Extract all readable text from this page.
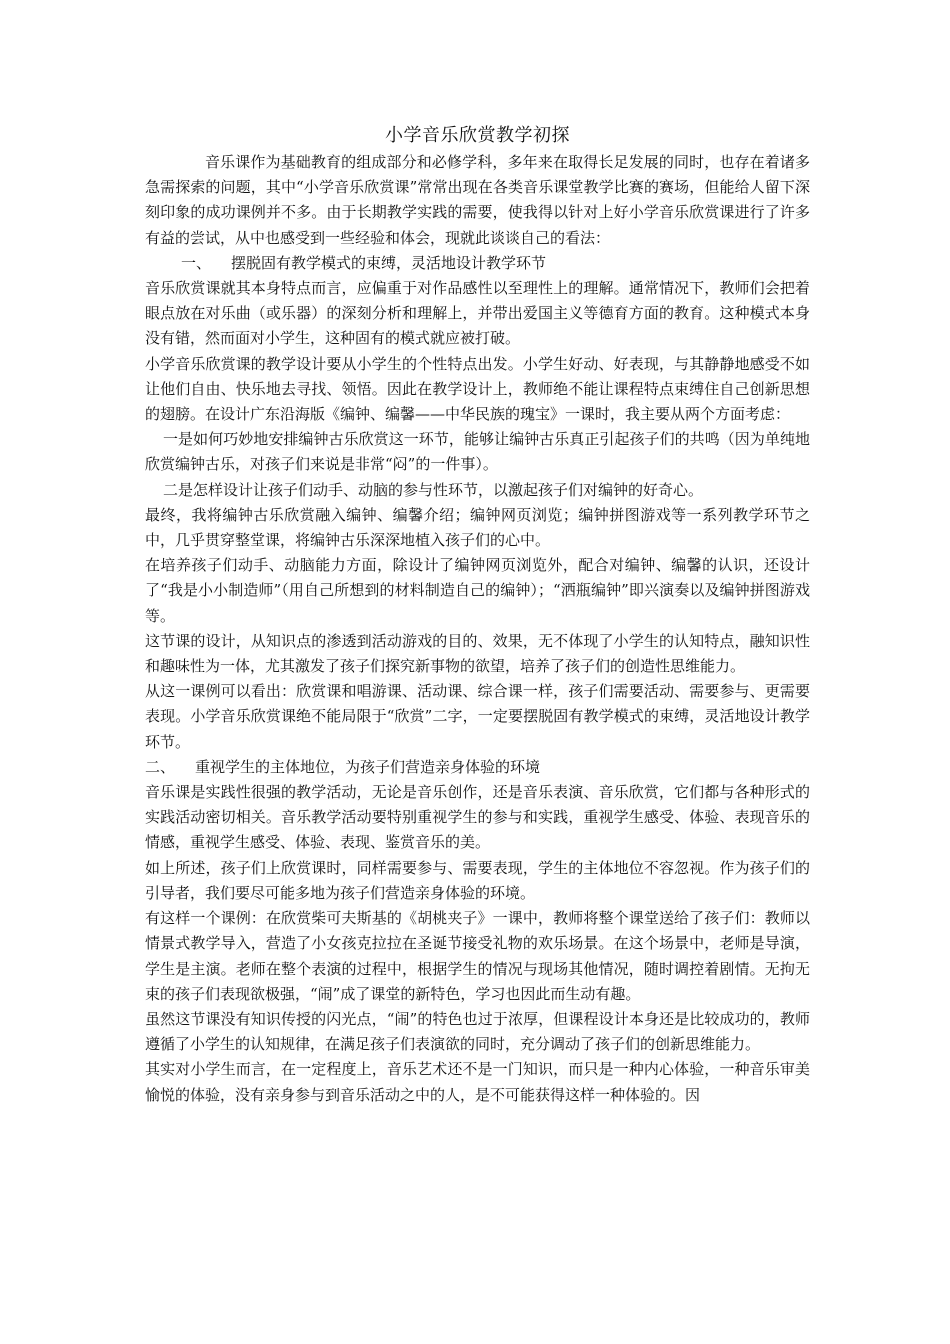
小学音乐欣赏教学初探

音乐课作为基础教育的组成部分和必修学科，多年来在取得长足发展的同时，也存在着诸多急需探索的问题，其中“小学音乐欣赏课”常常出现在各类音乐课堂教学比赛的赛场，但能给人留下深刻印象的成功课例并不多。由于长期教学实践的需要，使我得以针对上好小学音乐欣赏课进行了许多有益的尝试，从中也感受到一些经验和体会，现就此谈谈自己的看法：

一、 摆脱固有教学模式的束缚，灵活地设计教学环节

音乐欣赏课就其本身特点而言，应偏重于对作品感性以至理性上的理解。通常情况下，教师们会把着眼点放在对乐曲（或乐器）的深刻分析和理解上，并带出爱国主义等德育方面的教育。这种模式本身没有错，然而面对小学生，这种固有的模式就应被打破。

小学音乐欣赏课的教学设计要从小学生的个性特点出发。小学生好动、好表现，与其静静地感受不如让他们自由、快乐地去寻找、领悟。因此在教学设计上，教师绝不能让课程特点束缚住自己创新思想的翅膀。在设计广东沿海版《编钟、编馨——中华民族的瑰宝》一课时，我主要从两个方面考虑：

一是如何巧妙地安排编钟古乐欣赏这一环节，能够让编钟古乐真正引起孩子们的共鸣（因为单纯地欣赏编钟古乐，对孩子们来说是非常“闷”的一件事）。

二是怎样设计让孩子们动手、动脑的参与性环节，以激起孩子们对编钟的好奇心。

最终，我将编钟古乐欣赏融入编钟、编馨介绍；编钟网页浏览；编钟拼图游戏等一系列教学环节之中，几乎贯穿整堂课，将编钟古乐深深地植入孩子们的心中。

在培养孩子们动手、动脑能力方面，除设计了编钟网页浏览外，配合对编钟、编馨的认识，还设计了“我是小小制造师”（用自己所想到的材料制造自己的编钟）；“洒瓶编钟”即兴演奏以及编钟拼图游戏等。

这节课的设计，从知识点的渗透到活动游戏的目的、效果，无不体现了小学生的认知特点，融知识性和趣味性为一体，尤其激发了孩子们探究新事物的欲望，培养了孩子们的创造性思维能力。

从这一课例可以看出：欣赏课和唱游课、活动课、综合课一样，孩子们需要活动、需要参与、更需要表现。小学音乐欣赏课绝不能局限于“欣赏”二字，一定要摆脱固有教学模式的束缚，灵活地设计教学环节。

二、 重视学生的主体地位，为孩子们营造亲身体验的环境

音乐课是实践性很强的教学活动，无论是音乐创作，还是音乐表演、音乐欣赏，它们都与各种形式的实践活动密切相关。音乐教学活动要特别重视学生的参与和实践，重视学生感受、体验、表现音乐的情感，重视学生感受、体验、表现、鉴赏音乐的美。

如上所述，孩子们上欣赏课时，同样需要参与、需要表现，学生的主体地位不容忽视。作为孩子们的引导者，我们要尽可能多地为孩子们营造亲身体验的环境。

有这样一个课例：在欣赏柴可夫斯基的《胡桃夹子》一课中，教师将整个课堂送给了孩子们：教师以情景式教学导入，营造了小女孩克拉拉在圣诞节接受礼物的欢乐场景。在这个场景中，老师是导演，学生是主演。老师在整个表演的过程中，根据学生的情况与现场其他情况，随时调控着剧情。无拘无束的孩子们表现欲极强，“闹”成了课堂的新特色，学习也因此而生动有趣。

虽然这节课没有知识传授的闪光点，“闹”的特色也过于浓厚，但课程设计本身还是比较成功的，教师遵循了小学生的认知规律，在满足孩子们表演欲的同时，充分调动了孩子们的创新思维能力。

其实对小学生而言，在一定程度上，音乐艺术还不是一门知识，而只是一种内心体验，一种音乐审美愉悦的体验，没有亲身参与到音乐活动之中的人，是不可能获得这样一种体验的。因
